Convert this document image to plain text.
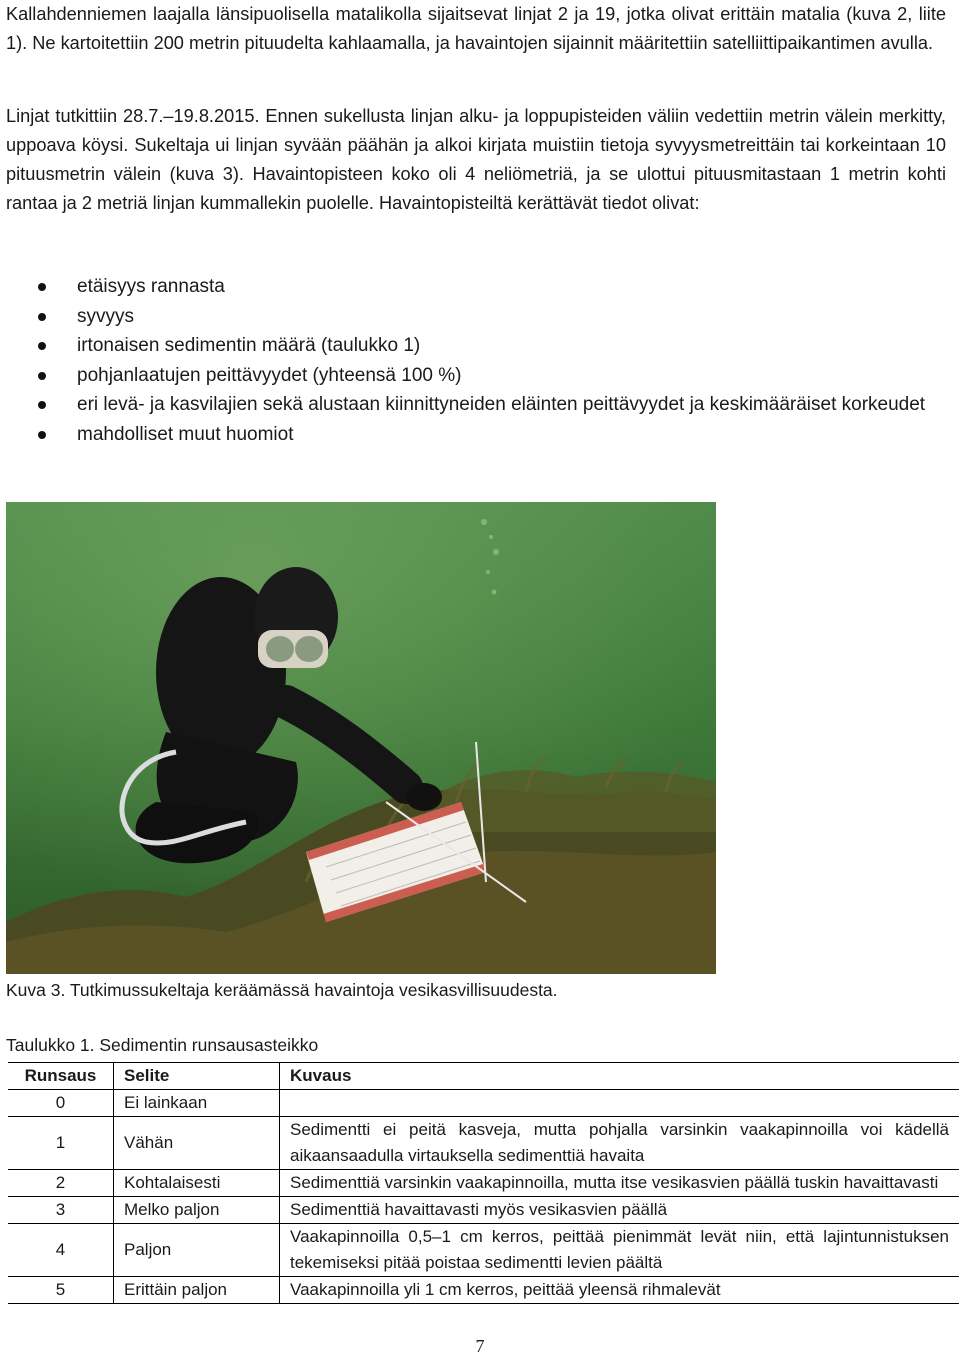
Kallahdenniemen laajalla länsipuolisella matalikolla sijaitsevat linjat 2 ja 19, jotka olivat erittäin matalia (kuva 2, liite 1). Ne kartoitettiin 200 metrin pituudelta kahlaamalla, ja havaintojen sijainnit määritettiin satelliittipaikantimen avulla.

Linjat tutkittiin 28.7.–19.8.2015. Ennen sukellusta linjan alku- ja loppupisteiden väliin vedettiin metrin välein merkitty, uppoava köysi. Sukeltaja ui linjan syvään päähän ja alkoi kirjata muistiin tietoja syvyysmetreittäin tai korkeintaan 10 pituusmetrin välein (kuva 3). Havaintopisteen koko oli 4 neliömetriä, ja se ulottui pituusmitastaan 1 metrin kohti rantaa ja 2 metriä linjan kummallekin puolelle. Havaintopisteiltä kerättävät tiedot olivat:

etäisyys rannasta
syvyys
irtonaisen sedimentin määrä (taulukko 1)
pohjanlaatujen peittävyydet (yhteensä 100 %)
eri levä- ja kasvilajien sekä alustaan kiinnittyneiden eläinten peittävyydet ja keskimääräiset korkeudet
mahdolliset muut huomiot
Kuva 3. Tutkimussukeltaja keräämässä havaintoja vesikasvillisuudesta.
Taulukko 1. Sedimentin runsausasteikko
Runsaus	Selite	Kuvaus
0	Ei lainkaan	
1	Vähän	Sedimentti ei peitä kasveja, mutta pohjalla varsinkin vaakapinnoilla voi kädellä aikaansaadulla virtauksella sedimenttiä havaita
2	Kohtalaisesti	Sedimenttiä varsinkin vaakapinnoilla, mutta itse vesikasvien päällä tuskin havaittavasti
3	Melko paljon	Sedimenttiä havaittavasti myös vesikasvien päällä
4	Paljon	Vaakapinnoilla 0,5–1 cm kerros, peittää pienimmät levät niin, että lajintunnistuksen tekemiseksi pitää poistaa sedimentti levien päältä
5	Erittäin paljon	Vaakapinnoilla yli 1 cm kerros, peittää yleensä rihmalevät
7
